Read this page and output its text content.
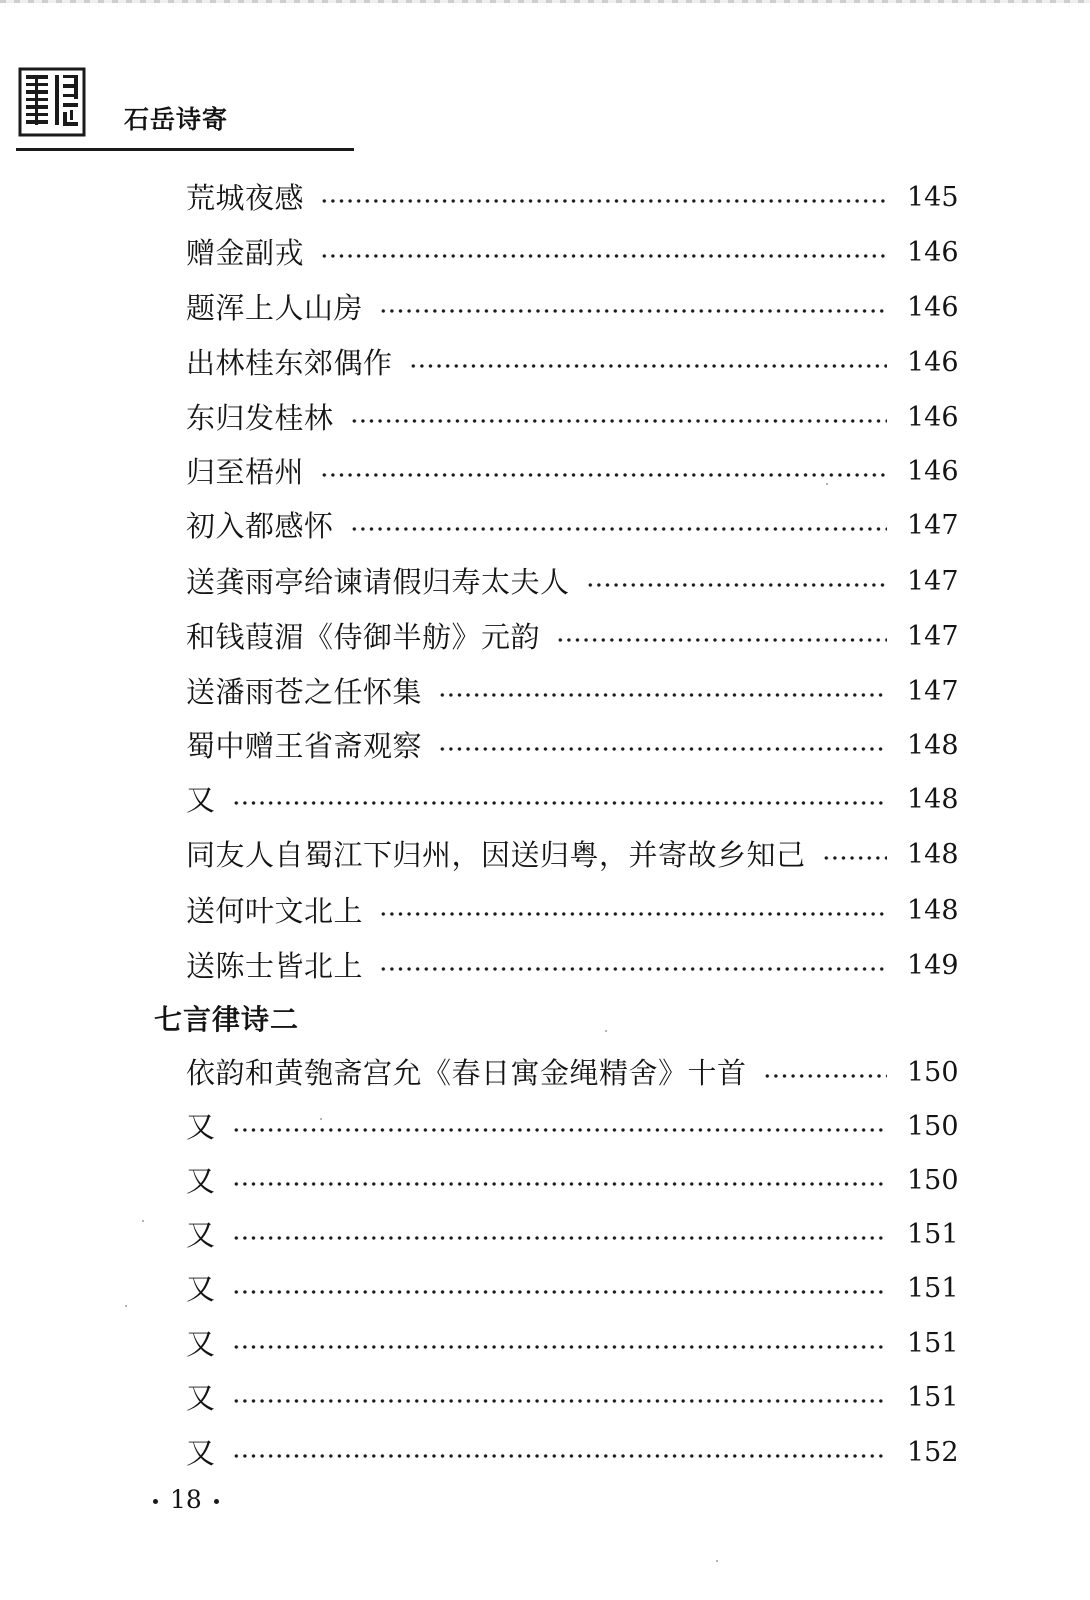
石岳诗寄
荒城夜感	145
赠金副戎	146
题浑上人山房	146
出林桂东郊偶作	146
东归发桂林	146
归至梧州	146
初入都感怀	147
送龚雨亭给谏请假归寿太夫人	147
和钱葭湄《侍御半舫》元韵	147
送潘雨苍之任怀集	147
蜀中赠王省斋观察	148
又	148
同友人自蜀江下归州，因送归粤，并寄故乡知己	148
送何叶文北上	148
送陈士皆北上	149
七言律诗二
依韵和黄匏斋宫允《春日寓金绳精舍》十首	150
又	150
又	150
又	151
又	151
又	151
又	151
又	152
18
